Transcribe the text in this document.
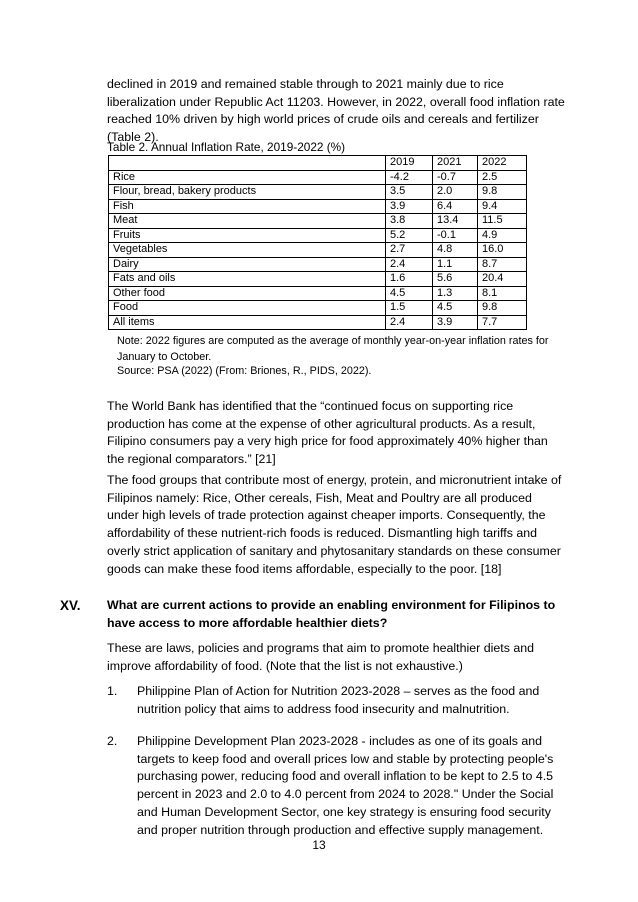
declined in 2019 and remained stable through to 2021 mainly due to rice liberalization under Republic Act 11203. However, in 2022, overall food inflation rate reached 10% driven by high world prices of crude oils and cereals and fertilizer (Table 2).

Table 2. Annual Inflation Rate, 2019-2022 (%)

	2019	2021	2022
Rice	-4.2	-0.7	2.5
Flour, bread, bakery products	3.5	2.0	9.8
Fish	3.9	6.4	9.4
Meat	3.8	13.4	11.5
Fruits	5.2	-0.1	4.9
Vegetables	2.7	4.8	16.0
Dairy	2.4	1.1	8.7
Fats and oils	1.6	5.6	20.4
Other food	4.5	1.3	8.1
Food	1.5	4.5	9.8
All items	2.4	3.9	7.7

Note: 2022 figures are computed as the average of monthly year-on-year inflation rates for January to October.

Source: PSA (2022) (From: Briones, R., PIDS, 2022).

The World Bank has identified that the “continued focus on supporting rice production has come at the expense of other agricultural products. As a result, Filipino consumers pay a very high price for food approximately 40% higher than the regional comparators.” [21]

The food groups that contribute most of energy, protein, and micronutrient intake of Filipinos namely: Rice, Other cereals, Fish, Meat and Poultry are all produced under high levels of trade protection against cheaper imports. Consequently, the affordability of these nutrient-rich foods is reduced. Dismantling high tariffs and overly strict application of sanitary and phytosanitary standards on these consumer goods can make these food items affordable, especially to the poor. [18]

XV. What are current actions to provide an enabling environment for Filipinos to have access to more affordable healthier diets?

These are laws, policies and programs that aim to promote healthier diets and improve affordability of food. (Note that the list is not exhaustive.)

1. Philippine Plan of Action for Nutrition 2023-2028 – serves as the food and nutrition policy that aims to address food insecurity and malnutrition.

2. Philippine Development Plan 2023-2028 - includes as one of its goals and targets to keep food and overall prices low and stable by protecting people's purchasing power, reducing food and overall inflation to be kept to 2.5 to 4.5 percent in 2023 and 2.0 to 4.0 percent from 2024 to 2028." Under the Social and Human Development Sector, one key strategy is ensuring food security and proper nutrition through production and effective supply management.

13
